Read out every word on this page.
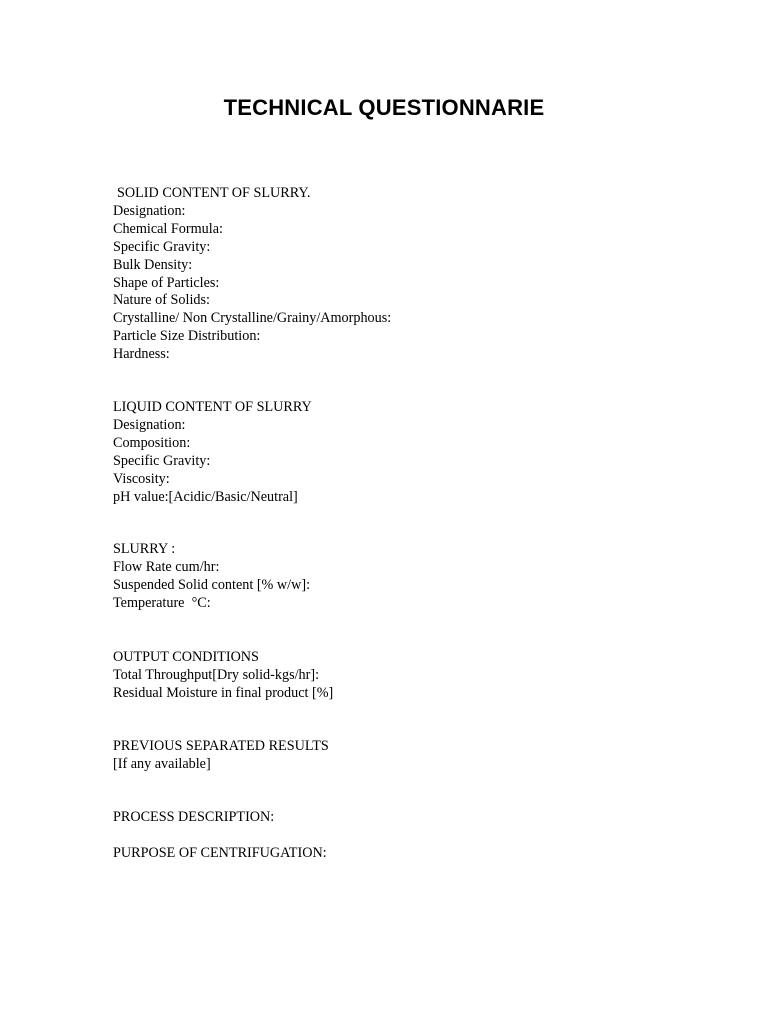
TECHNICAL QUESTIONNARIE
SOLID CONTENT OF SLURRY.
Designation:
Chemical Formula:
Specific Gravity:
Bulk Density:
Shape of Particles:
Nature of Solids:
Crystalline/ Non Crystalline/Grainy/Amorphous:
Particle Size Distribution:
Hardness:
LIQUID CONTENT OF SLURRY
Designation:
Composition:
Specific Gravity:
Viscosity:
pH value:[Acidic/Basic/Neutral]
SLURRY :
Flow Rate cum/hr:
Suspended Solid content [% w/w]:
Temperature  °C:
OUTPUT CONDITIONS
Total Throughput[Dry solid-kgs/hr]:
Residual Moisture in final product [%]
PREVIOUS SEPARATED RESULTS
[If any available]
PROCESS DESCRIPTION:
PURPOSE OF CENTRIFUGATION:
